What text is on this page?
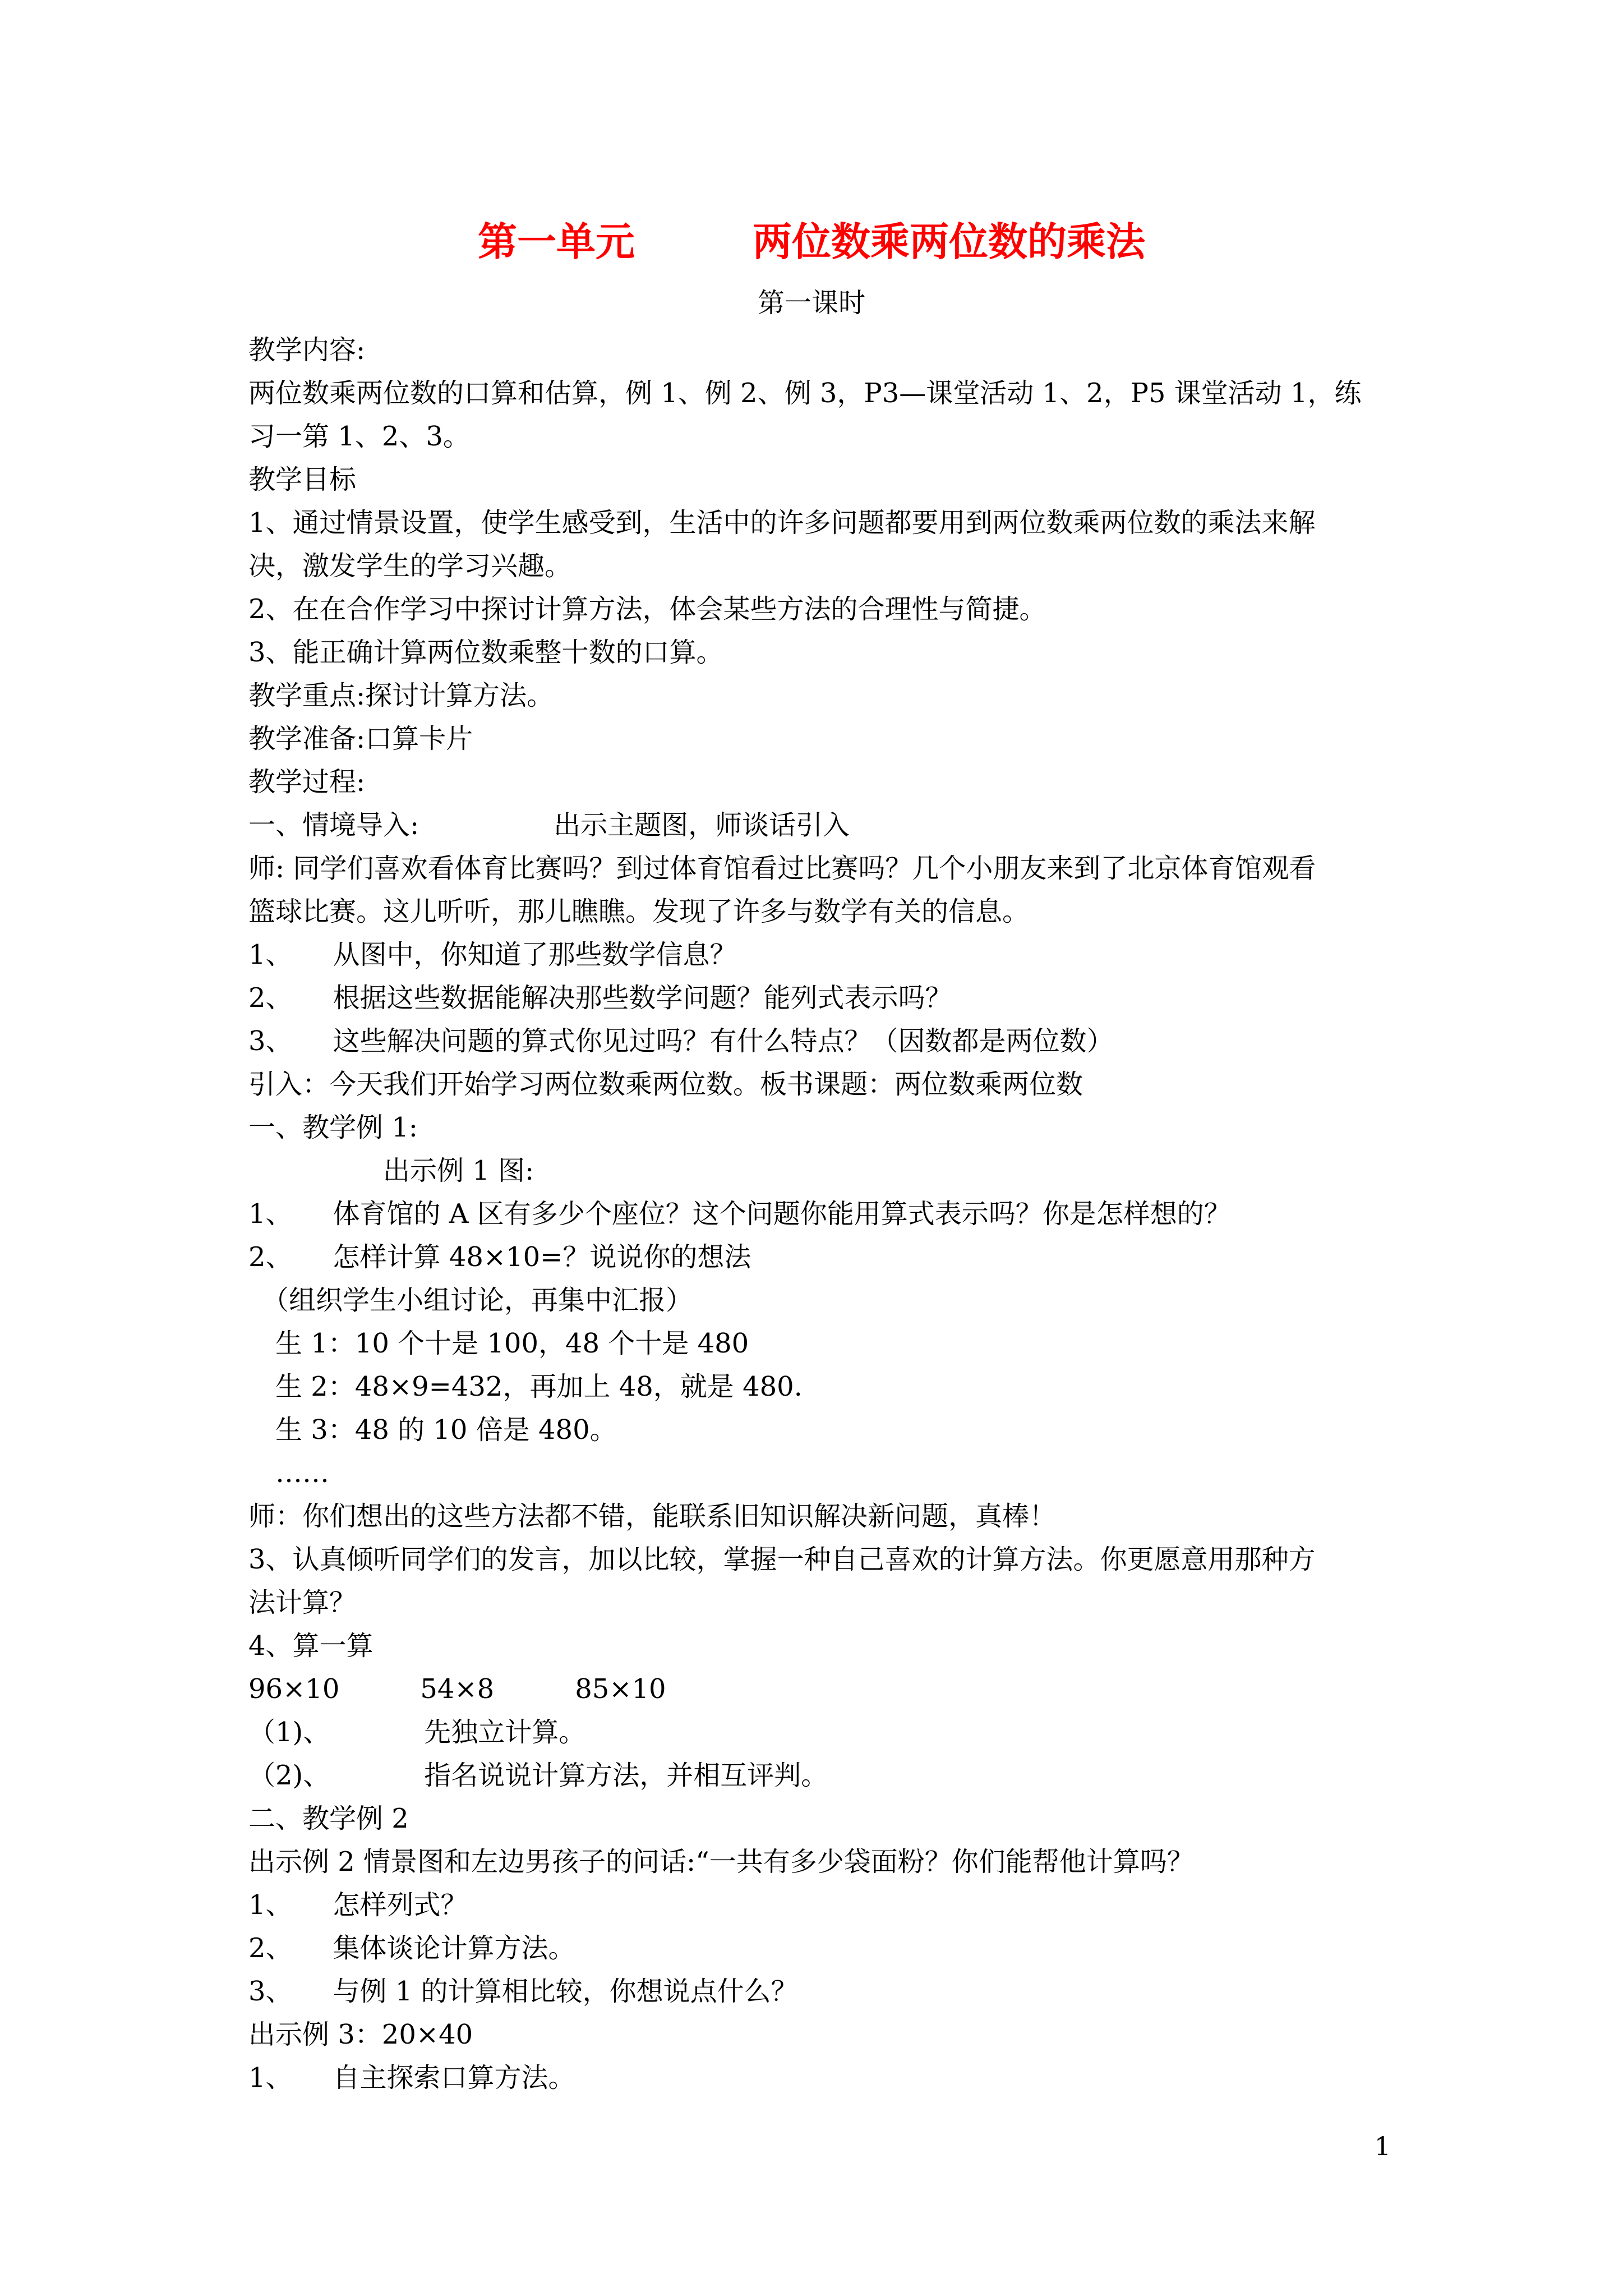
第一单元　　　两位数乘两位数的乘法
第一课时
教学内容:
两位数乘两位数的口算和估算，例 1、例 2、例 3，P3—课堂活动 1、2，P5 课堂活动 1，练
习一第 1、2、3。
教学目标
1、通过情景设置，使学生感受到，生活中的许多问题都要用到两位数乘两位数的乘法来解
决，激发学生的学习兴趣。
2、在在合作学习中探讨计算方法，体会某些方法的合理性与简捷。
3、能正确计算两位数乘整十数的口算。
教学重点:探讨计算方法。
教学准备:口算卡片
教学过程:
一、情境导入:　　　　　出示主题图，师谈话引入
师: 同学们喜欢看体育比赛吗？到过体育馆看过比赛吗？几个小朋友来到了北京体育馆观看
篮球比赛。这儿听听，那儿瞧瞧。发现了许多与数学有关的信息。
1、　　从图中，你知道了那些数学信息？
2、　　根据这些数据能解决那些数学问题？能列式表示吗？
3、　　这些解决问题的算式你见过吗？有什么特点？（因数都是两位数）
引入：今天我们开始学习两位数乘两位数。板书课题：两位数乘两位数
一、教学例 1:
　　　　　出示例 1 图:
1、　　体育馆的 A 区有多少个座位？这个问题你能用算式表示吗？你是怎样想的？
2、　　怎样计算 48×10=？说说你的想法
　（组织学生小组讨论，再集中汇报）
　生 1：10 个十是 100，48 个十是 480
　生 2：48×9=432，再加上 48，就是 480.
　生 3：48 的 10 倍是 480。
　……
师：你们想出的这些方法都不错，能联系旧知识解决新问题，真棒！
3、认真倾听同学们的发言，加以比较，掌握一种自己喜欢的计算方法。你更愿意用那种方
法计算？
4、算一算
96×10　　　54×8　　　85×10
（1)、　　　　先独立计算。
（2)、　　　　指名说说计算方法，并相互评判。
二、教学例 2
出示例 2 情景图和左边男孩子的问话:“一共有多少袋面粉？你们能帮他计算吗？
1、　　怎样列式？
2、　　集体谈论计算方法。
3、　　与例 1 的计算相比较，你想说点什么？
出示例 3：20×40
1、　　自主探索口算方法。
1
